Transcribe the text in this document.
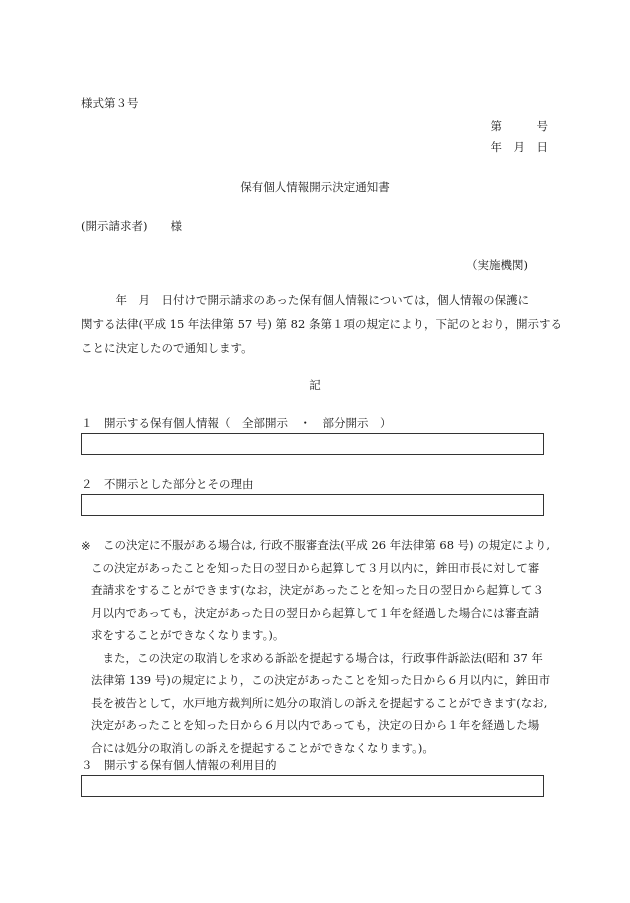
様式第３号
第　　　号
年　月　日
保有個人情報開示決定通知書
(開示請求者)　　様
（実施機関)
　　　年　月　日付けで開示請求のあった保有個人情報については，個人情報の保護に
関する法律(平成 15 年法律第 57 号) 第 82 条第１項の規定により，下記のとおり，開示する
ことに決定したので通知します。
記
１　開示する保有個人情報（　全部開示　・　部分開示　）
２　不開示とした部分とその理由
※ この決定に不服がある場合は, 行政不服審査法(平成 26 年法律第 68 号) の規定により,
この決定があったことを知った日の翌日から起算して３月以内に，鉾田市長に対して審
査請求をすることができます(なお，決定があったことを知った日の翌日から起算して３
月以内であっても，決定があった日の翌日から起算して１年を経過した場合には審査請
求をすることができなくなります。)。
　また，この決定の取消しを求める訴訟を提起する場合は，行政事件訴訟法(昭和 37 年
法律第 139 号)の規定により，この決定があったことを知った日から６月以内に，鉾田市
長を被告として，水戸地方裁判所に処分の取消しの訴えを提起することができます(なお,
決定があったことを知った日から６月以内であっても，決定の日から１年を経過した場
合には処分の取消しの訴えを提起することができなくなります。)。
３　開示する保有個人情報の利用目的
